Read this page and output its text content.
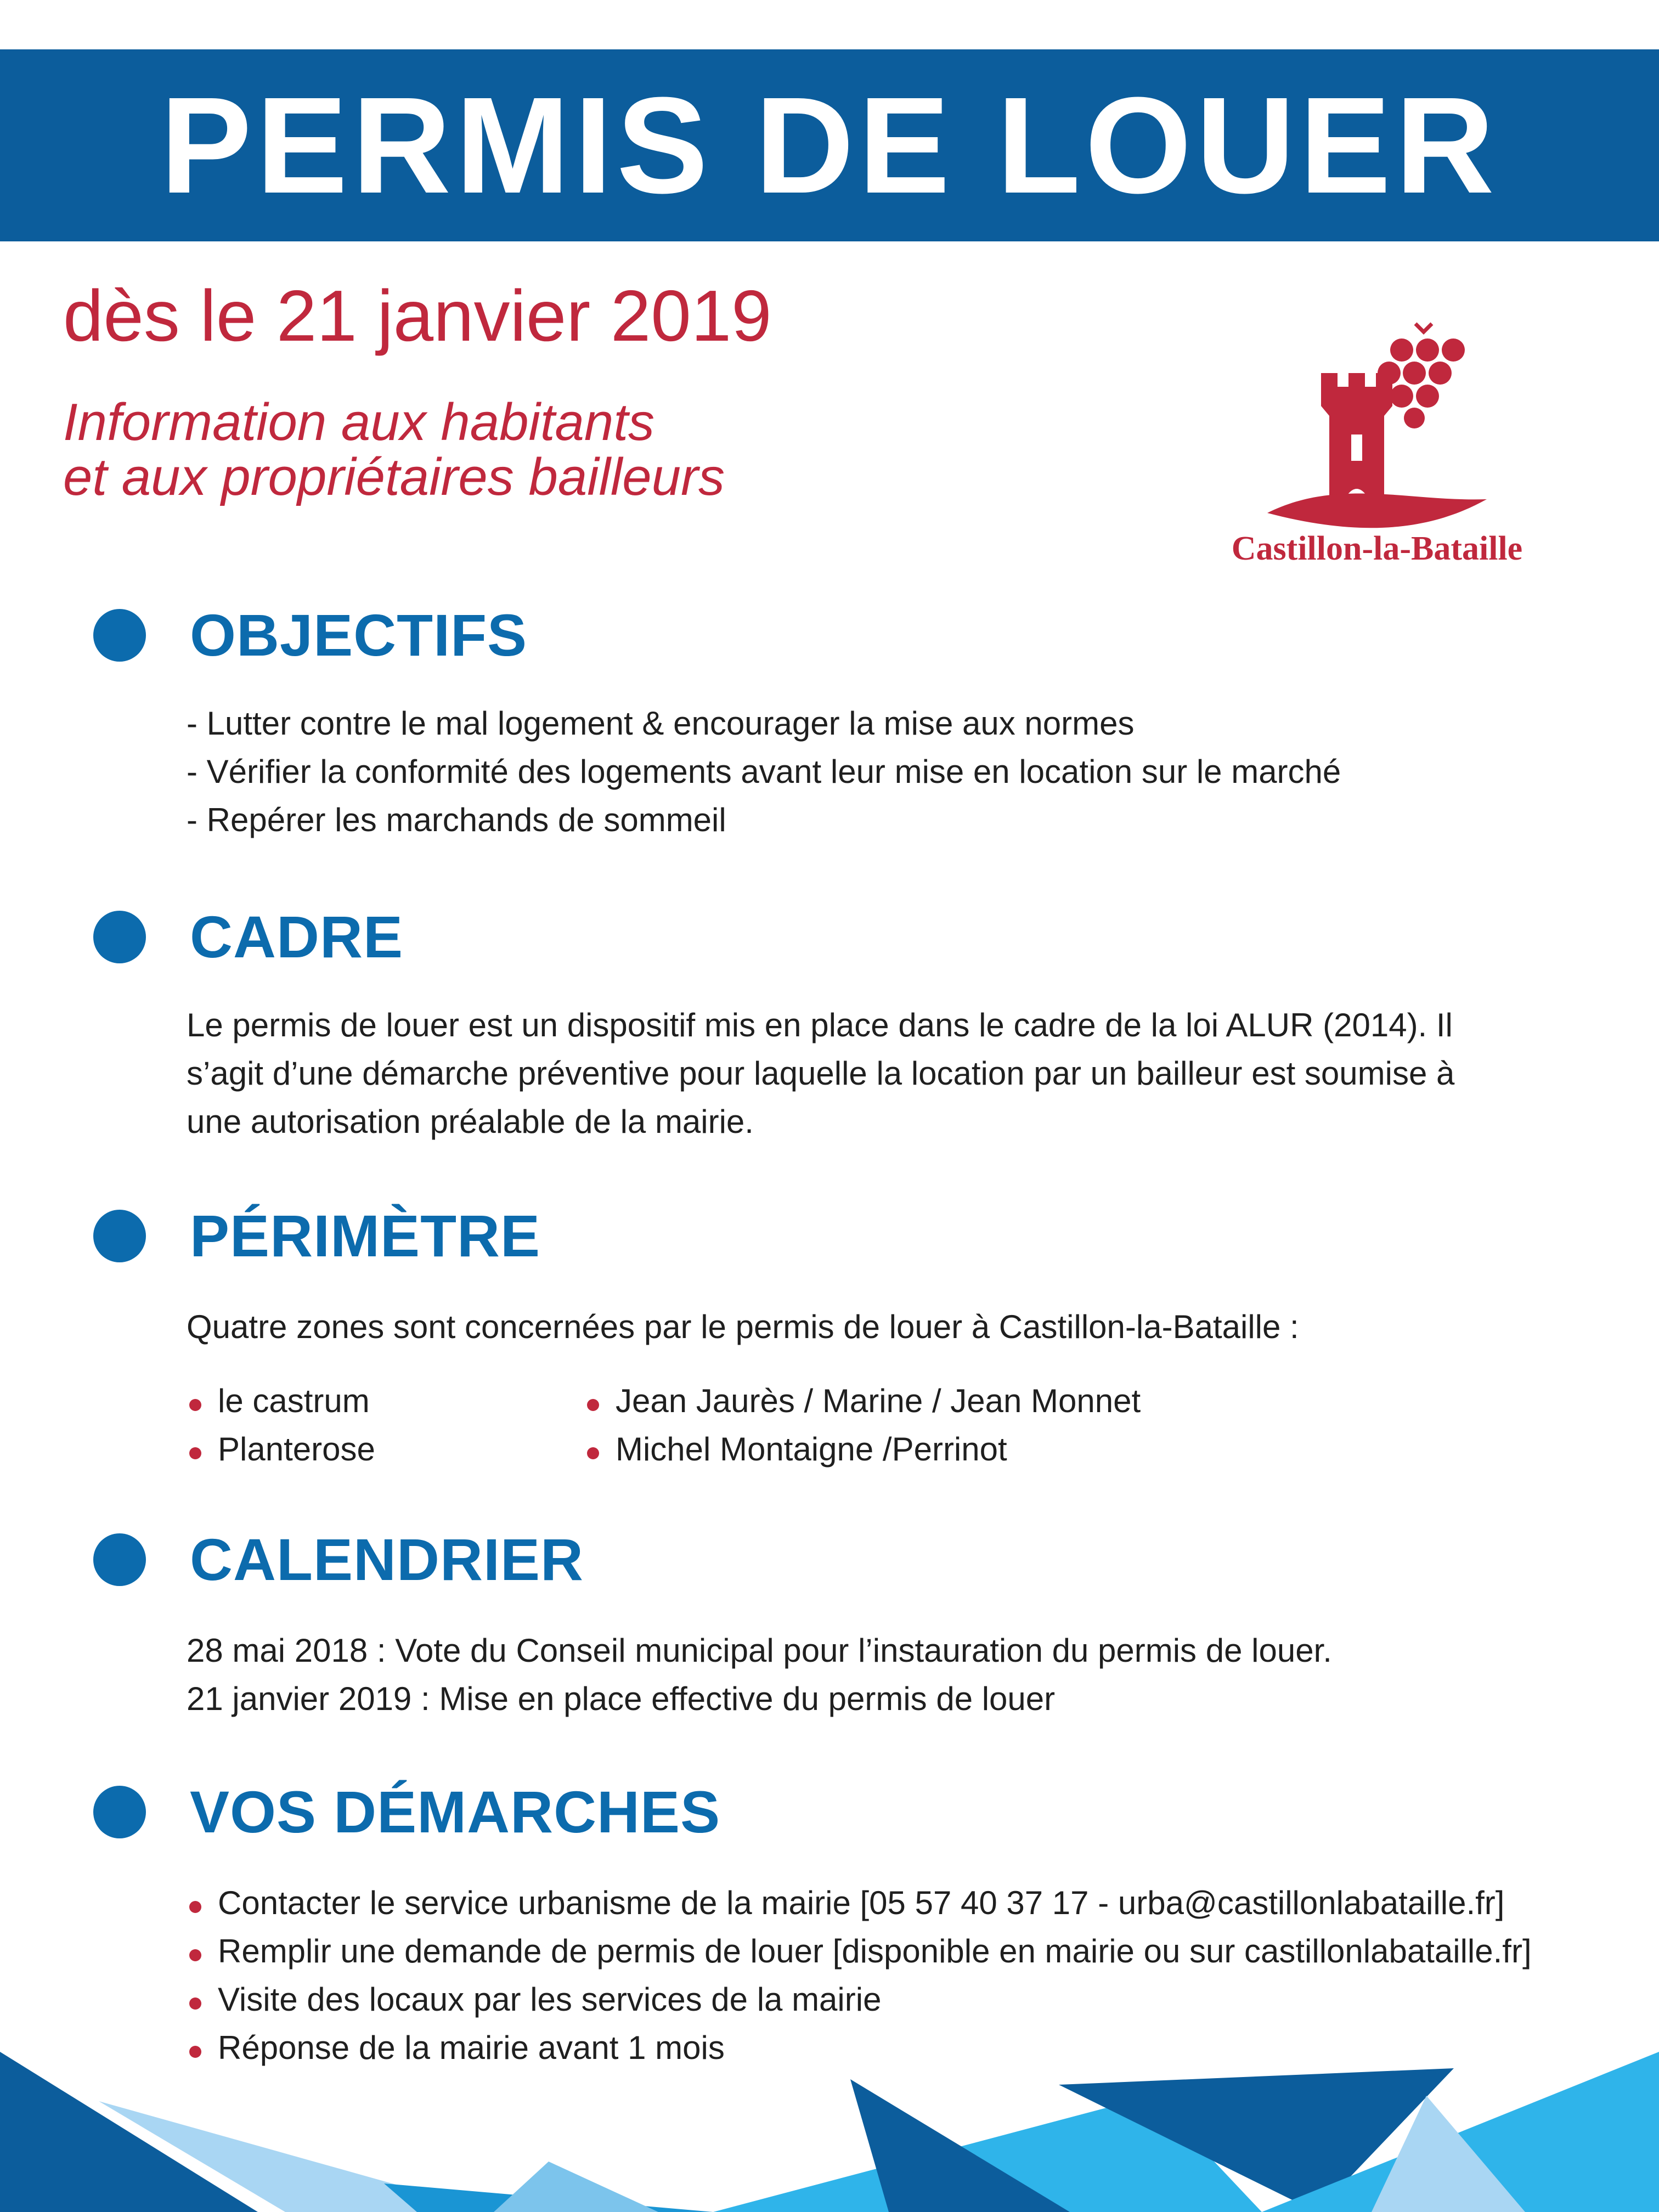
PERMIS DE LOUER
dès le 21 janvier 2019
Information aux habitants
et aux propriétaires bailleurs
Castillon-la-Bataille
OBJECTIFS
- Lutter contre le mal logement & encourager la mise aux normes
- Vérifier la conformité des logements avant leur mise en location sur le marché
- Repérer les marchands de sommeil
CADRE
Le permis de louer est un dispositif mis en place dans le cadre de la loi ALUR (2014). Il
s’agit d’une démarche préventive pour laquelle la location par un bailleur est soumise à
une autorisation préalable de la mairie.
PÉRIMÈTRE
Quatre zones sont concernées par le permis de louer à Castillon-la-Bataille :
le castrum
Planterose
Jean Jaurès / Marine / Jean Monnet
Michel Montaigne /Perrinot
CALENDRIER
28 mai 2018 : Vote du Conseil municipal pour l’instauration du permis de louer.
21 janvier 2019 : Mise en place effective du permis de louer
VOS DÉMARCHES
Contacter le service urbanisme de la mairie [05 57 40 37 17 - urba@castillonlabataille.fr]
Remplir une demande de permis de louer [disponible en mairie ou sur castillonlabataille.fr]
Visite des locaux par les services de la mairie
Réponse de la mairie avant 1 mois
